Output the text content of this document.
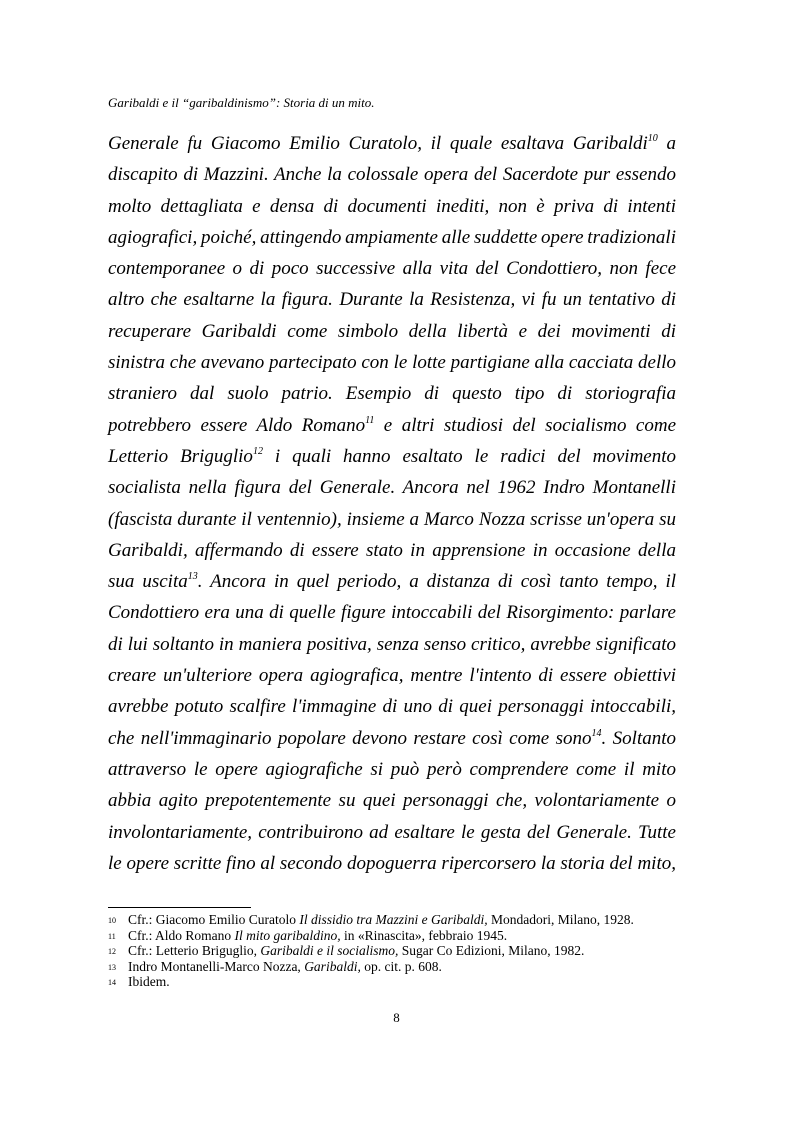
Garibaldi e il “garibaldinismo”: Storia di un mito.
Generale fu Giacomo Emilio Curatolo, il quale esaltava Garibaldi$^{10}$ a
discapito di Mazzini. Anche la colossale opera del Sacerdote pur essendo
molto dettagliata e densa di documenti inediti, non è priva di intenti
agiografici, poiché, attingendo ampiamente alle suddette opere tradizionali
contemporanee o di poco successive alla vita del Condottiero, non fece
altro che esaltarne la figura. Durante la Resistenza, vi fu un tentativo di
recuperare Garibaldi come simbolo della libertà e dei movimenti di
sinistra che avevano partecipato con le lotte partigiane alla cacciata dello
straniero dal suolo patrio. Esempio di questo tipo di storiografia
potrebbero essere Aldo Romano$^{11}$ e altri studiosi del socialismo come
Letterio Briguglio$^{12}$ i quali hanno esaltato le radici del movimento
socialista nella figura del Generale. Ancora nel 1962 Indro Montanelli
(fascista durante il ventennio), insieme a Marco Nozza scrisse un'opera su
Garibaldi, affermando di essere stato in apprensione in occasione della
sua uscita$^{13}$. Ancora in quel periodo, a distanza di così tanto tempo, il
Condottiero era una di quelle figure intoccabili del Risorgimento: parlare
di lui soltanto in maniera positiva, senza senso critico, avrebbe significato
creare un'ulteriore opera agiografica, mentre l'intento di essere obiettivi
avrebbe potuto scalfire l'immagine di uno di quei personaggi intoccabili,
che nell'immaginario popolare devono restare così come sono$^{14}$. Soltanto
attraverso le opere agiografiche si può però comprendere come il mito
abbia agito prepotentemente su quei personaggi che, volontariamente o
involontariamente, contribuirono ad esaltare le gesta del Generale. Tutte
le opere scritte fino al secondo dopoguerra ripercorsero la storia del mito,
10 Cfr.: Giacomo Emilio Curatolo Il dissidio tra Mazzini e Garibaldi, Mondadori, Milano, 1928.
11 Cfr.: Aldo Romano Il mito garibaldino, in «Rinascita», febbraio 1945.
12 Cfr.: Letterio Briguglio, Garibaldi e il socialismo, Sugar Co Edizioni, Milano, 1982.
13 Indro Montanelli-Marco Nozza, Garibaldi, op. cit. p. 608.
14 Ibidem.
8
